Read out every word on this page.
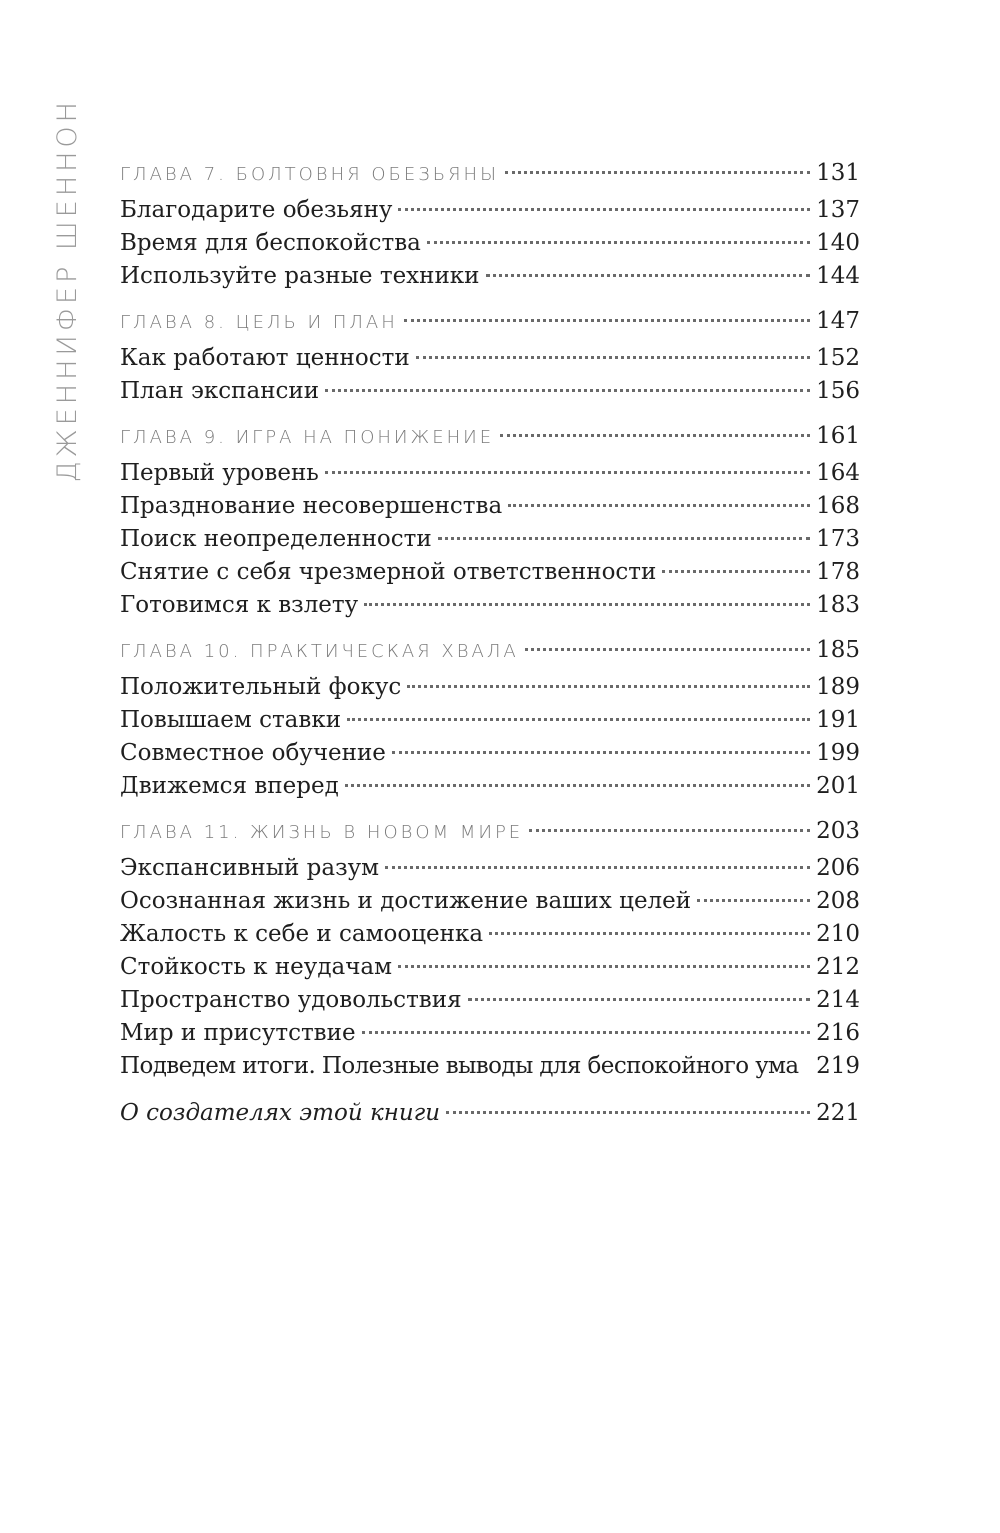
ДЖЕННИФЕР ШЕННОН ГЛАВА 7. БОЛТОВНЯ ОБЕЗЬЯНЫ	131
Благодарите обезьяну	137
Время для беспокойства	140
Используйте разные техники	144
ГЛАВА 8. ЦЕЛЬ И ПЛАН	147
Как работают ценности	152
План экспансии	156
ГЛАВА 9. ИГРА НА ПОНИЖЕНИЕ	161
Первый уровень	164
Празднование несовершенства	168
Поиск неопределенности	173
Снятие с себя чрезмерной ответственности	178
Готовимся к взлету	183
ГЛАВА 10. ПРАКТИЧЕСКАЯ ХВАЛА	185
Положительный фокус	189
Повышаем ставки	191
Совместное обучение	199
Движемся вперед	201
ГЛАВА 11. ЖИЗНЬ В НОВОМ МИРЕ	203
Экспансивный разум	206
Осознанная жизнь и достижение ваших целей	208
Жалость к себе и самооценка	210
Стойкость к неудачам	212
Пространство удовольствия	214
Мир и присутствие	216
Подведем итоги. Полезные выводы для беспокойного ума 219
О создателях этой книги	221
